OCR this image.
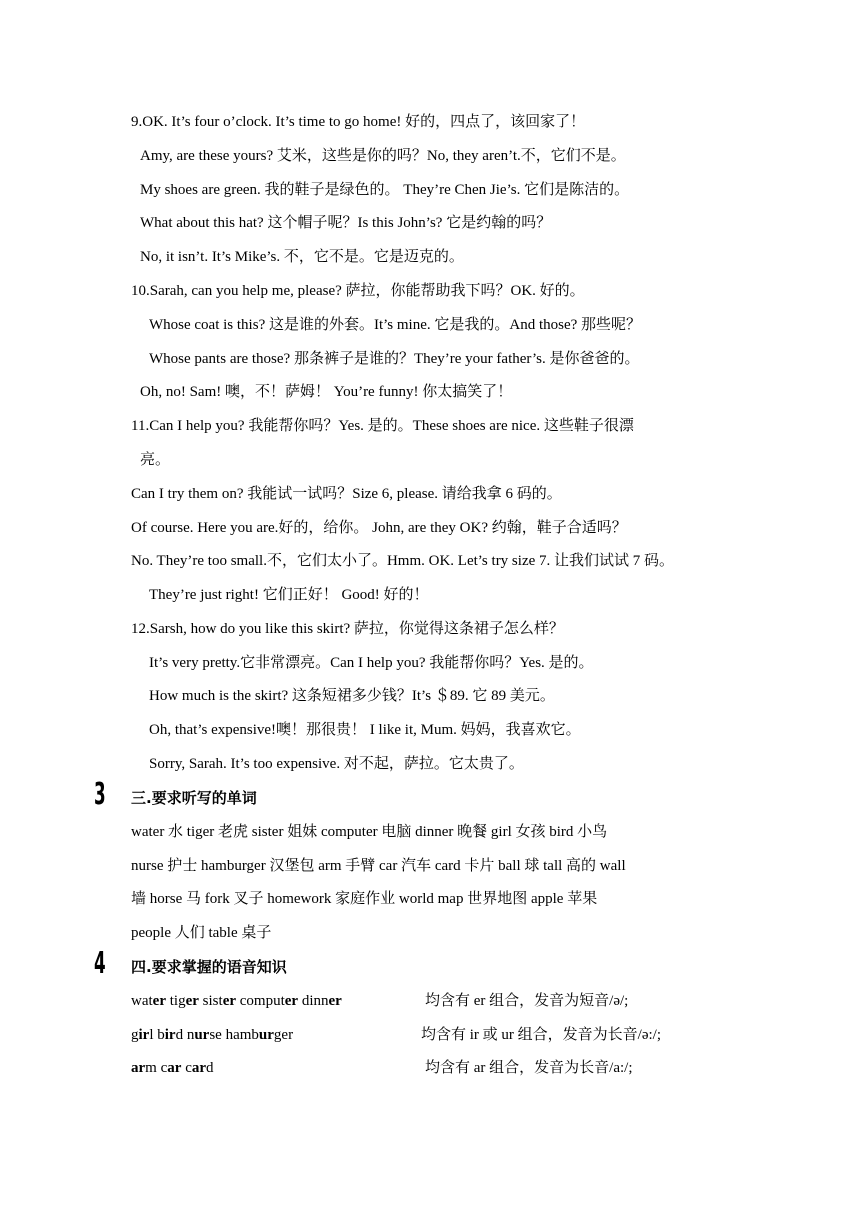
9.OK. It’s four o’clock. It’s time to go home! 好的，四点了，该回家了！
Amy, are these yours? 艾米，这些是你的吗？No, they aren’t.不，它们不是。
My shoes are green. 我的鞋子是绿色的。 They’re Chen Jie’s. 它们是陈洁的。
What about this hat? 这个帽子呢？Is this John’s? 它是约翰的吗？
No, it isn’t. It’s Mike’s. 不，它不是。它是迈克的。
10.Sarah, can you help me, please? 萨拉，你能帮助我下吗？OK. 好的。
Whose coat is this? 这是谁的外套。It’s mine. 它是我的。And those? 那些呢？
Whose pants are those? 那条裤子是谁的？They’re your father’s. 是你爸爸的。
Oh, no! Sam! 噢，不！萨姆！ You’re funny! 你太搞笑了！
11.Can I help you? 我能帮你吗？Yes. 是的。These shoes are nice. 这些鞋子很漂
亮。
Can I try them on? 我能试一试吗？Size 6, please. 请给我拿 6 码的。
Of course. Here you are.好的，给你。 John, are they OK? 约翰，鞋子合适吗？
No. They’re too small.不，它们太小了。Hmm. OK. Let’s try size 7. 让我们试试 7 码。
They’re just right! 它们正好！ Good! 好的！
12.Sarsh, how do you like this skirt? 萨拉，你觉得这条裙子怎么样？
It’s very pretty.它非常漂亮。Can I help you? 我能帮你吗？Yes. 是的。
How much is the skirt? 这条短裙多少钱？It’s ＄89. 它 89 美元。
Oh, that’s expensive!噢！那很贵！ I like it, Mum. 妈妈，我喜欢它。
Sorry, Sarah. It’s too expensive. 对不起，萨拉。它太贵了。
3 三.要求听写的单词
water 水 tiger 老虎 sister 姐妹 computer 电脑 dinner 晚餐 girl 女孩 bird 小鸟
nurse 护士 hamburger 汉堡包 arm 手臂 car 汽车 card 卡片 ball 球 tall 高的 wall
墙 horse 马 fork 叉子 homework 家庭作业 world map 世界地图 apple 苹果
people 人们 table 桌子
4 四.要求掌握的语音知识
water tiger sister computer dinner	均含有 er 组合，发音为短音/ə/;
girl bird nurse hamburger	均含有 ir 或 ur 组合，发音为长音/ə:/;
arm car card	均含有 ar 组合，发音为长音/a:/;
